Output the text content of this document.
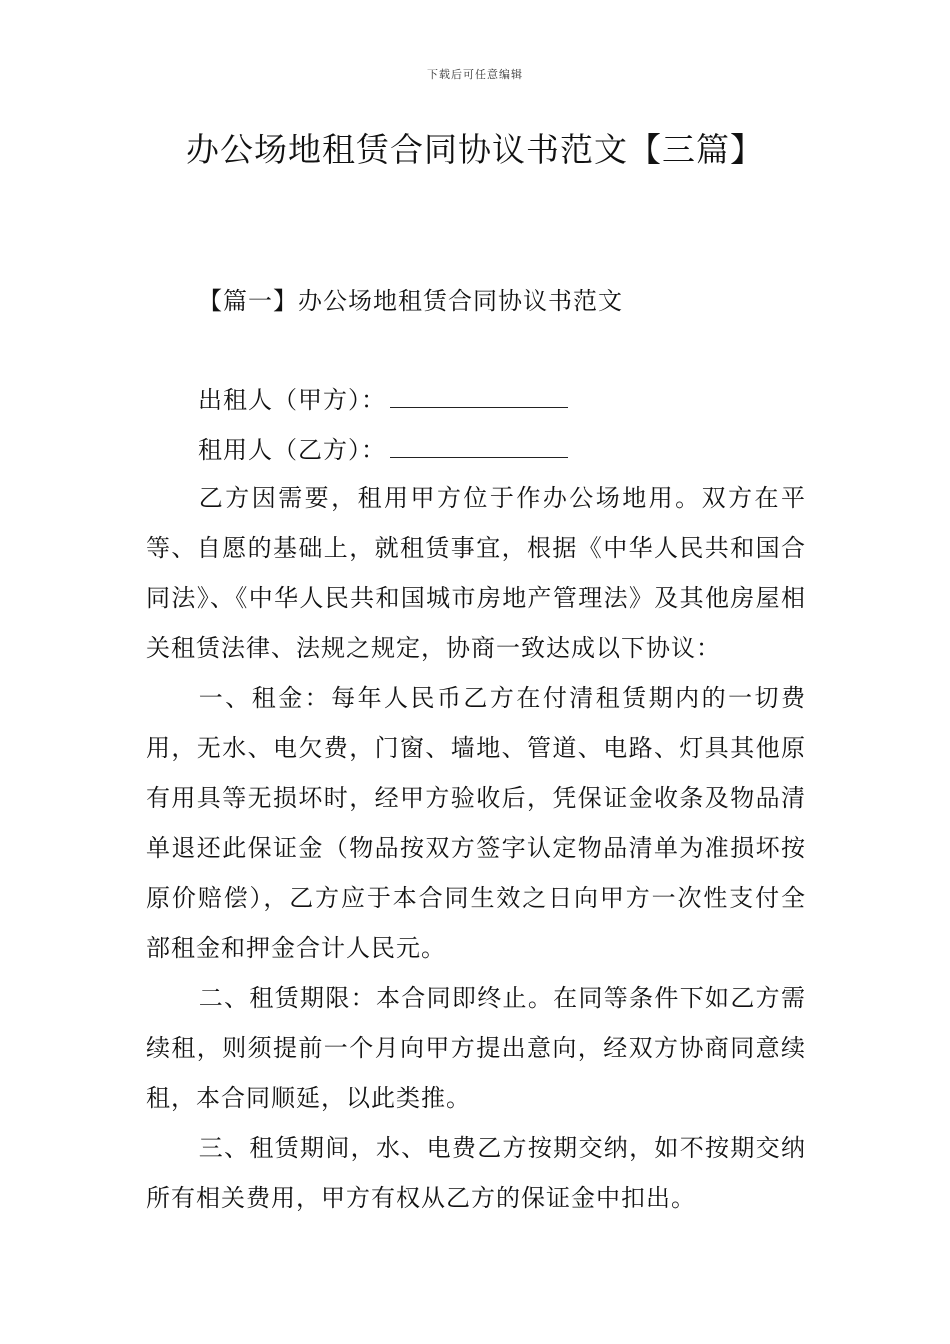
下载后可任意编辑
办公场地租赁合同协议书范文【三篇】
【篇一】办公场地租赁合同协议书范文
出租人（甲方）：
租用人（乙方）：

乙方因需要，租用甲方位于作办公场地用。双方在平等、自愿的基础上，就租赁事宜，根据《中华人民共和国合同法》、《中华人民共和国城市房地产管理法》及其他房屋相关租赁法律、法规之规定，协商一致达成以下协议：

一、租金：每年人民币乙方在付清租赁期内的一切费用，无水、电欠费，门窗、墙地、管道、电路、灯具其他原有用具等无损坏时，经甲方验收后，凭保证金收条及物品清单退还此保证金（物品按双方签字认定物品清单为准损坏按原价赔偿），乙方应于本合同生效之日向甲方一次性支付全部租金和押金合计人民元。

二、租赁期限：本合同即终止。在同等条件下如乙方需续租，则须提前一个月向甲方提出意向，经双方协商同意续租，本合同顺延，以此类推。

三、租赁期间，水、电费乙方按期交纳，如不按期交纳所有相关费用，甲方有权从乙方的保证金中扣出。
